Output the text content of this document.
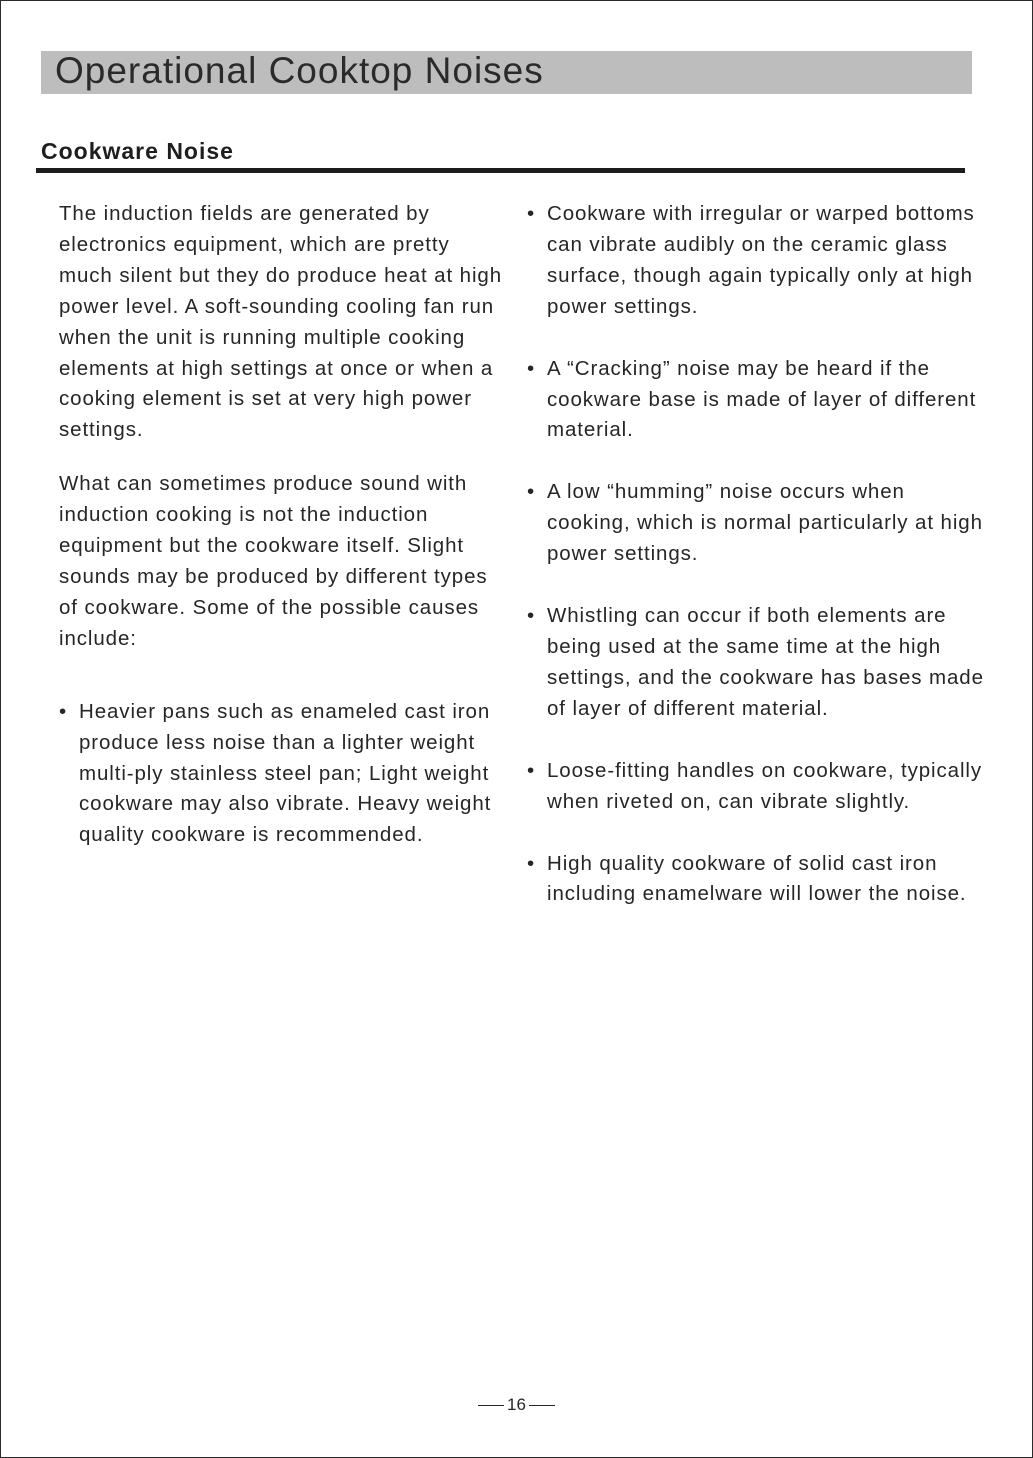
Operational Cooktop Noises
Cookware Noise

The induction fields are generated by electronics equipment, which are pretty much silent but they do produce heat at high power level. A soft-sounding cooling fan run when the unit is running multiple cooking elements at high settings at once or when a cooking element is set at very high power settings.

What can sometimes produce sound with induction cooking is not the induction equipment but the cookware itself. Slight sounds may be produced by different types of cookware. Some of the possible causes include:

• Heavier pans such as enameled cast iron produce less noise than a lighter weight multi-ply stainless steel pan; Light weight cookware may also vibrate. Heavy weight quality cookware is recommended.
• Cookware with irregular or warped bottoms can vibrate audibly on the ceramic glass surface, though again typically only at high power settings.
• A “Cracking” noise may be heard if the cookware base is made of layer of different material.
• A low “humming” noise occurs when cooking, which is normal particularly at high power settings.
• Whistling can occur if both elements are being used at the same time at the high settings, and the cookware has bases made of layer of different material.
• Loose-fitting handles on cookware, typically when riveted on, can vibrate slightly.
• High quality cookware of solid cast iron including enamelware will lower the noise.
16
